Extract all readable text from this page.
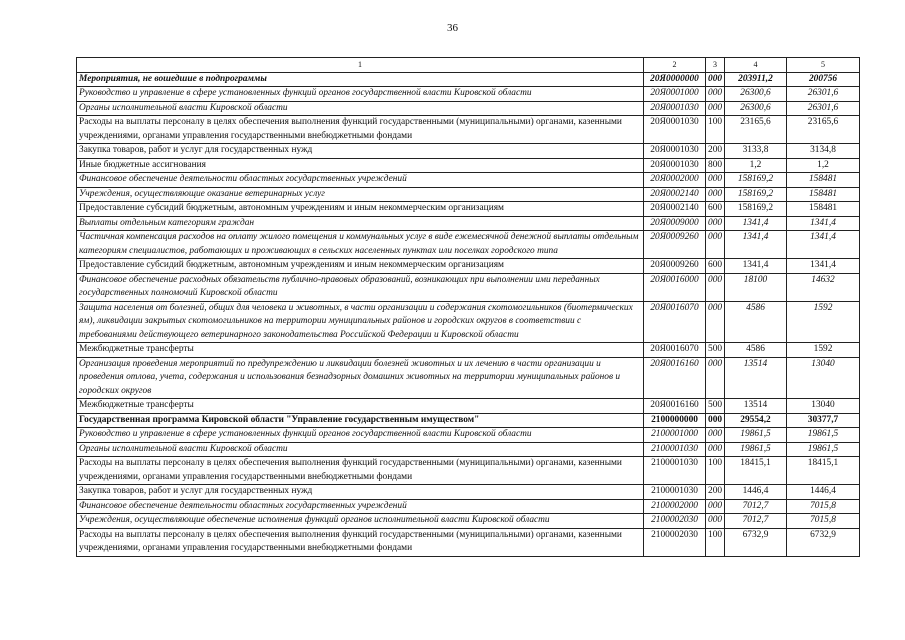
36
1	2	3	4	5
Мероприятия, не вошедшие в подпрограммы	20Я0000000	000	203911,2	200756
Руководство и управление в сфере установленных функций органов государственной власти Кировской области	20Я0001000	000	26300,6	26301,6
Органы исполнительной власти Кировской области	20Я0001030	000	26300,6	26301,6
Расходы на выплаты персоналу в целях обеспечения выполнения функций государственными (муниципальными) органами, казенными учреждениями, органами управления государственными внебюджетными фондами	20Я0001030	100	23165,6	23165,6
Закупка товаров, работ и услуг для государственных нужд	20Я0001030	200	3133,8	3134,8
Иные бюджетные ассигнования	20Я0001030	800	1,2	1,2
Финансовое обеспечение деятельности областных государственных учреждений	20Я0002000	000	158169,2	158481
Учреждения, осуществляющие оказание ветеринарных услуг	20Я0002140	000	158169,2	158481
Предоставление субсидий бюджетным, автономным учреждениям и иным некоммерческим организациям	20Я0002140	600	158169,2	158481
Выплаты отдельным категориям граждан	20Я0009000	000	1341,4	1341,4
Частичная компенсация расходов на оплату жилого помещения и коммунальных услуг в виде ежемесячной денежной выплаты отдельным категориям специалистов, работающих и проживающих в сельских населенных пунктах или поселках городского типа	20Я0009260	000	1341,4	1341,4
Предоставление субсидий бюджетным, автономным учреждениям и иным некоммерческим организациям	20Я0009260	600	1341,4	1341,4
Финансовое обеспечение расходных обязательств публично-правовых образований, возникающих при выполнении ими переданных государственных полномочий Кировской области	20Я0016000	000	18100	14632
Защита населения от болезней, общих для человека и животных, в части организации и содержания скотомогильников (биотермических ям), ликвидации закрытых скотомогильников на территории муниципальных районов и городских округов в соответствии с требованиями действующего ветеринарного законодательства Российской Федерации и Кировской области	20Я0016070	000	4586	1592
Межбюджетные трансферты	20Я0016070	500	4586	1592
Организация проведения мероприятий по предупреждению и ликвидации болезней животных и их лечению в части организации и проведения отлова, учета, содержания и использования безнадзорных домашних животных на территории муниципальных районов и городских округов	20Я0016160	000	13514	13040
Межбюджетные трансферты	20Я0016160	500	13514	13040
Государственная программа Кировской области "Управление государственным имуществом"	2100000000	000	29554,2	30377,7
Руководство и управление в сфере установленных функций органов государственной власти Кировской области	2100001000	000	19861,5	19861,5
Органы исполнительной власти Кировской области	2100001030	000	19861,5	19861,5
Расходы на выплаты персоналу в целях обеспечения выполнения функций государственными (муниципальными) органами, казенными учреждениями, органами управления государственными внебюджетными фондами	2100001030	100	18415,1	18415,1
Закупка товаров, работ и услуг для государственных нужд	2100001030	200	1446,4	1446,4
Финансовое обеспечение деятельности областных государственных учреждений	2100002000	000	7012,7	7015,8
Учреждения, осуществляющие обеспечение исполнения функций органов исполнительной власти Кировской области	2100002030	000	7012,7	7015,8
Расходы на выплаты персоналу в целях обеспечения выполнения функций государственными (муниципальными) органами, казенными учреждениями, органами управления государственными внебюджетными фондами	2100002030	100	6732,9	6732,9
